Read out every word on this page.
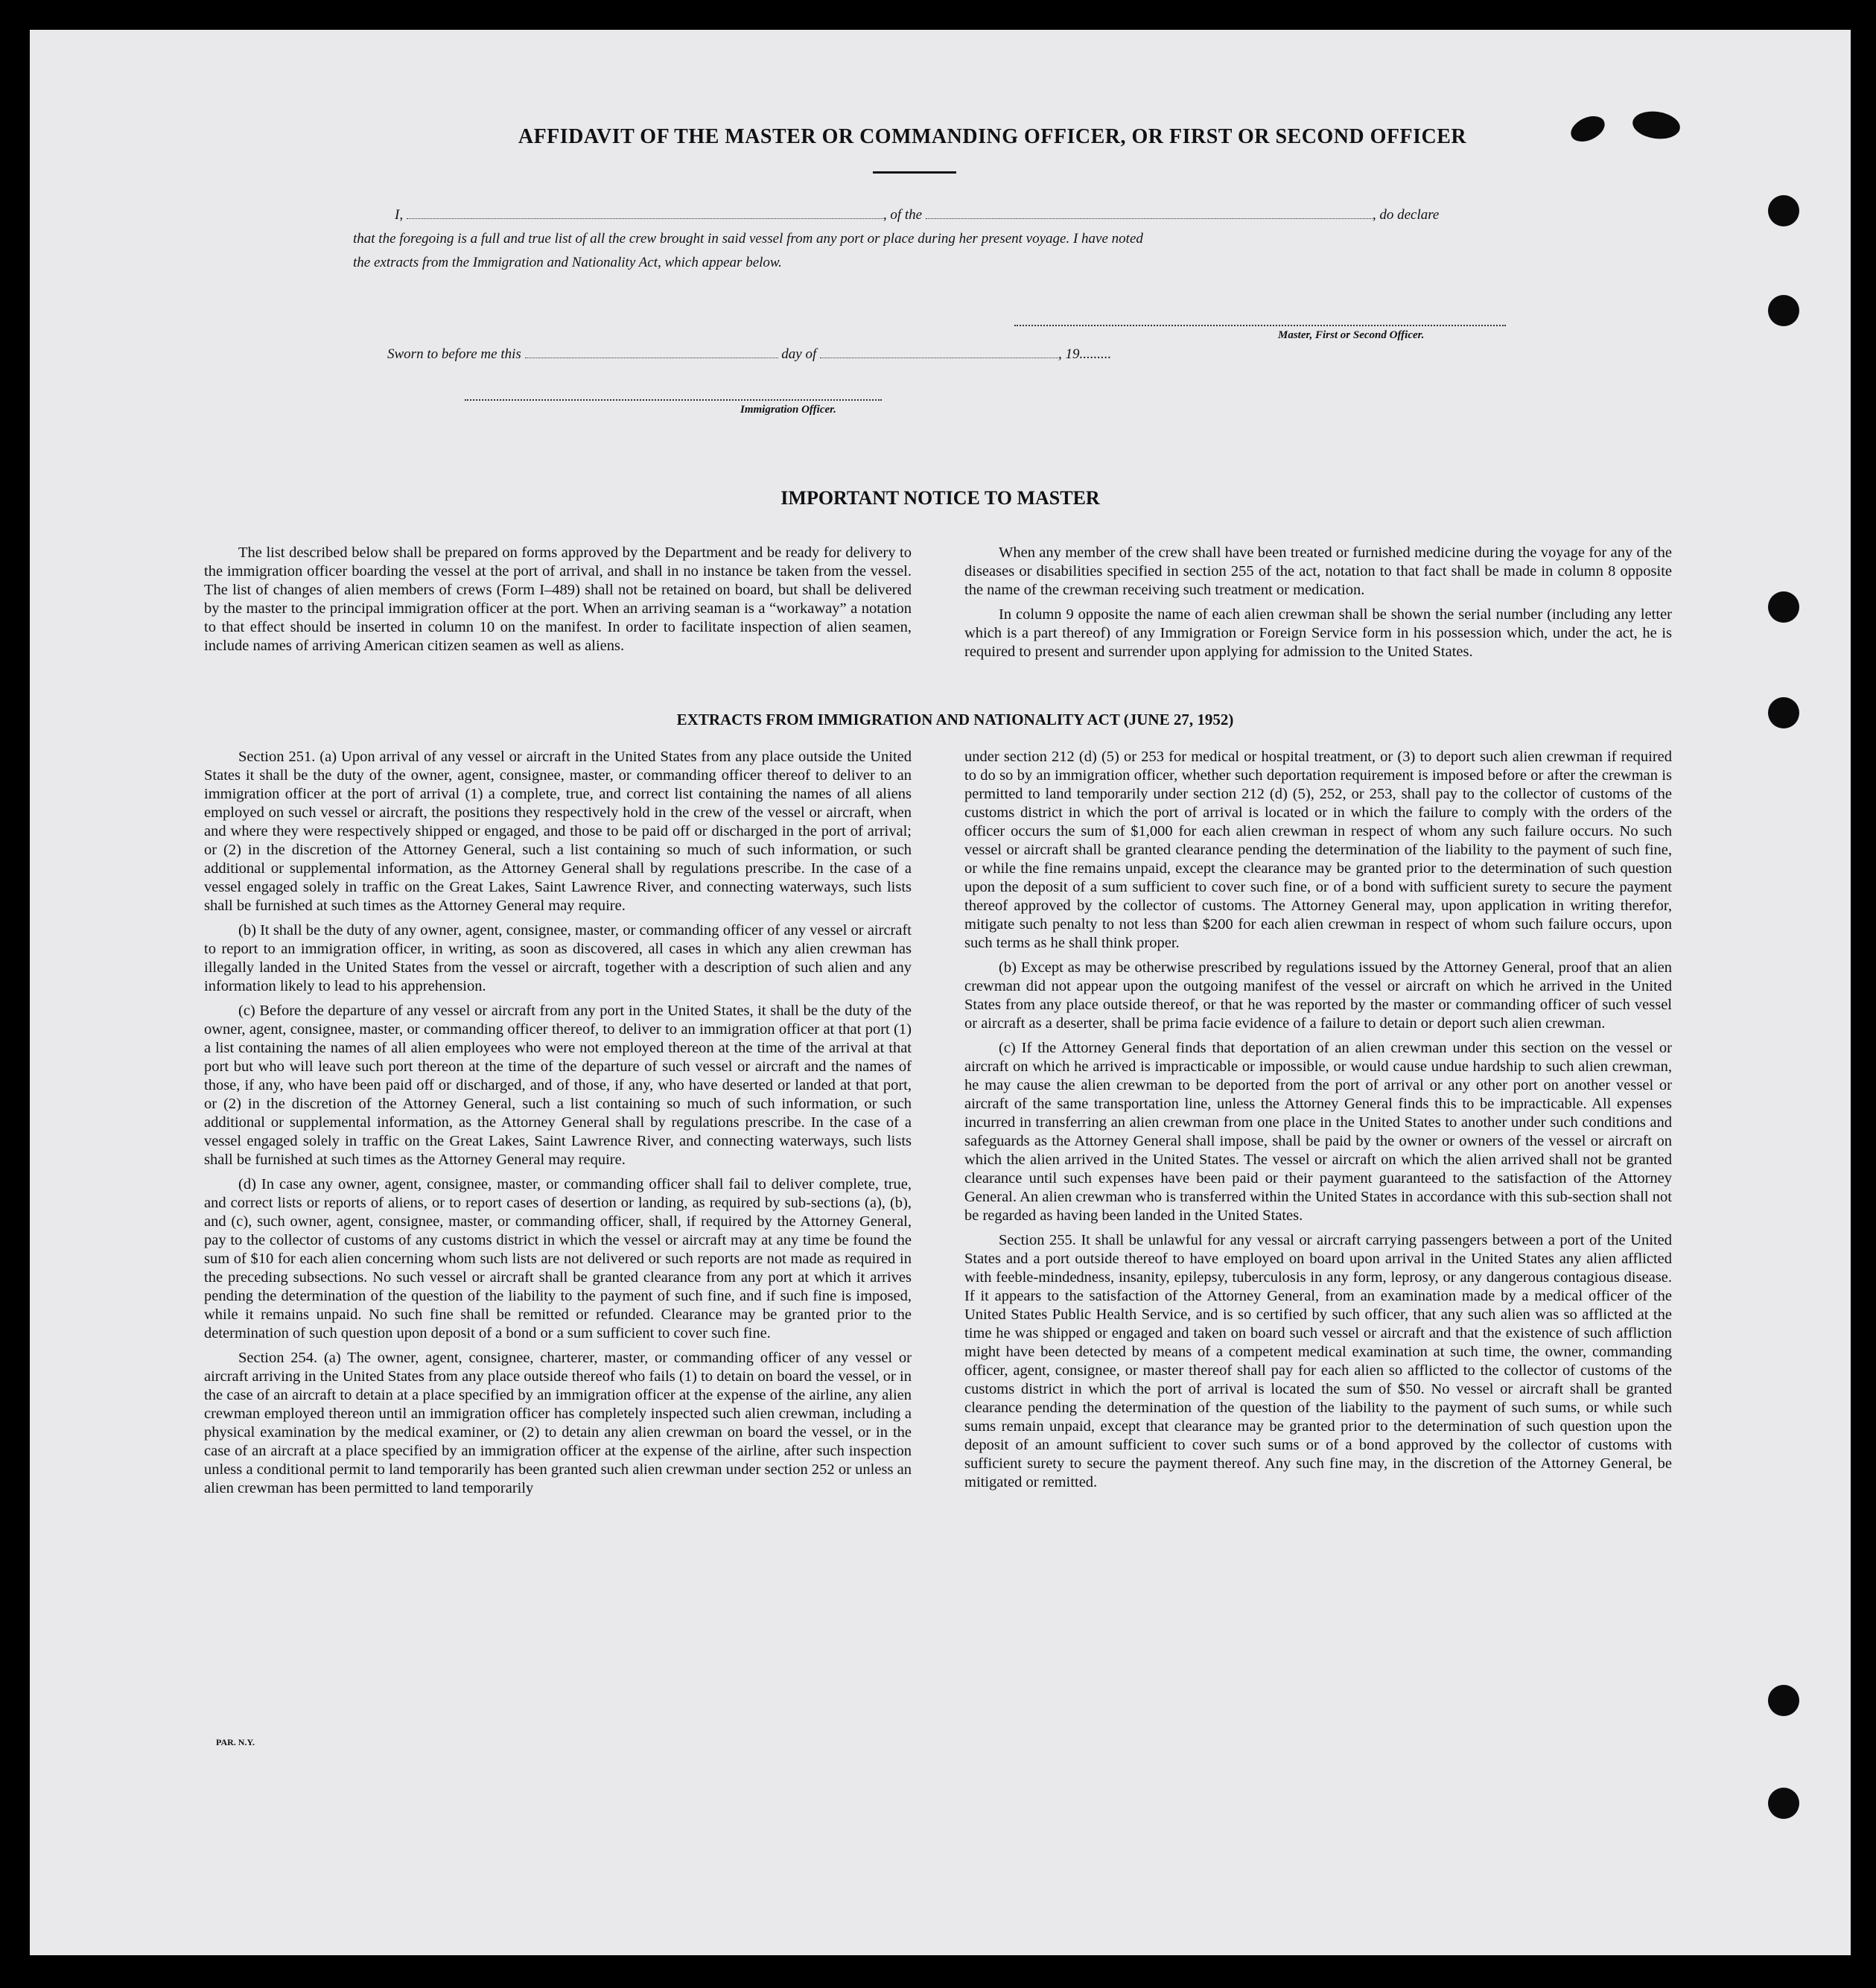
AFFIDAVIT OF THE MASTER OR COMMANDING OFFICER, OR FIRST OR SECOND OFFICER
I,	, of the	, do declare
that the foregoing is a full and true list of all the crew brought in said vessel from any port or place during her present voyage. I have noted
the extracts from the Immigration and Nationality Act, which appear below.
Master, First or Second Officer.
Sworn to before me this	day of	, 19.........
Immigration Officer.
IMPORTANT NOTICE TO MASTER

The list described below shall be prepared on forms approved by the Department and be ready for delivery to the immigration officer boarding the vessel at the port of arrival, and shall in no instance be taken from the vessel. The list of changes of alien members of crews (Form I–489) shall not be retained on board, but shall be delivered by the master to the principal immigration officer at the port. When an arriving seaman is a “workaway” a notation to that effect should be inserted in column 10 on the manifest. In order to facilitate inspection of alien seamen, include names of arriving American citizen seamen as well as aliens.

When any member of the crew shall have been treated or furnished medicine during the voyage for any of the diseases or disabilities specified in section 255 of the act, notation to that fact shall be made in column 8 opposite the name of the crewman receiving such treatment or medication.

In column 9 opposite the name of each alien crewman shall be shown the serial number (including any letter which is a part thereof) of any Immigration or Foreign Service form in his possession which, under the act, he is required to present and surrender upon applying for admission to the United States.

EXTRACTS FROM IMMIGRATION AND NATIONALITY ACT (JUNE 27, 1952)

Section 251. (a) Upon arrival of any vessel or aircraft in the United States from any place outside the United States it shall be the duty of the owner, agent, consignee, master, or commanding officer thereof to deliver to an immigration officer at the port of arrival (1) a complete, true, and correct list containing the names of all aliens employed on such vessel or aircraft, the positions they respectively hold in the crew of the vessel or aircraft, when and where they were respectively shipped or engaged, and those to be paid off or discharged in the port of arrival; or (2) in the discretion of the Attorney General, such a list containing so much of such information, or such additional or supplemental information, as the Attorney General shall by regulations prescribe. In the case of a vessel engaged solely in traffic on the Great Lakes, Saint Lawrence River, and connecting waterways, such lists shall be furnished at such times as the Attorney General may require.

(b) It shall be the duty of any owner, agent, consignee, master, or commanding officer of any vessel or aircraft to report to an immigration officer, in writing, as soon as discovered, all cases in which any alien crewman has illegally landed in the United States from the vessel or aircraft, together with a description of such alien and any information likely to lead to his apprehension.

(c) Before the departure of any vessel or aircraft from any port in the United States, it shall be the duty of the owner, agent, consignee, master, or commanding officer thereof, to deliver to an immigration officer at that port (1) a list containing the names of all alien employees who were not employed thereon at the time of the arrival at that port but who will leave such port thereon at the time of the departure of such vessel or aircraft and the names of those, if any, who have been paid off or discharged, and of those, if any, who have deserted or landed at that port, or (2) in the discretion of the Attorney General, such a list containing so much of such information, or such additional or supplemental information, as the Attorney General shall by regulations prescribe. In the case of a vessel engaged solely in traffic on the Great Lakes, Saint Lawrence River, and connecting waterways, such lists shall be furnished at such times as the Attorney General may require.

(d) In case any owner, agent, consignee, master, or commanding officer shall fail to deliver complete, true, and correct lists or reports of aliens, or to report cases of desertion or landing, as required by sub-sections (a), (b), and (c), such owner, agent, consignee, master, or commanding officer, shall, if required by the Attorney General, pay to the collector of customs of any customs district in which the vessel or aircraft may at any time be found the sum of $10 for each alien concerning whom such lists are not delivered or such reports are not made as required in the preceding subsections. No such vessel or aircraft shall be granted clearance from any port at which it arrives pending the determination of the question of the liability to the payment of such fine, and if such fine is imposed, while it remains unpaid. No such fine shall be remitted or refunded. Clearance may be granted prior to the determination of such question upon deposit of a bond or a sum sufficient to cover such fine.

Section 254. (a) The owner, agent, consignee, charterer, master, or commanding officer of any vessel or aircraft arriving in the United States from any place outside thereof who fails (1) to detain on board the vessel, or in the case of an aircraft to detain at a place specified by an immigration officer at the expense of the airline, any alien crewman employed thereon until an immigration officer has completely inspected such alien crewman, including a physical examination by the medical examiner, or (2) to detain any alien crewman on board the vessel, or in the case of an aircraft at a place specified by an immigration officer at the expense of the airline, after such inspection unless a conditional permit to land temporarily has been granted such alien crewman under section 252 or unless an alien crewman has been permitted to land temporarily

under section 212 (d) (5) or 253 for medical or hospital treatment, or (3) to deport such alien crewman if required to do so by an immigration officer, whether such deportation requirement is imposed before or after the crewman is permitted to land temporarily under section 212 (d) (5), 252, or 253, shall pay to the collector of customs of the customs district in which the port of arrival is located or in which the failure to comply with the orders of the officer occurs the sum of $1,000 for each alien crewman in respect of whom any such failure occurs. No such vessel or aircraft shall be granted clearance pending the determination of the liability to the payment of such fine, or while the fine remains unpaid, except the clearance may be granted prior to the determination of such question upon the deposit of a sum sufficient to cover such fine, or of a bond with sufficient surety to secure the payment thereof approved by the collector of customs. The Attorney General may, upon application in writing therefor, mitigate such penalty to not less than $200 for each alien crewman in respect of whom such failure occurs, upon such terms as he shall think proper.

(b) Except as may be otherwise prescribed by regulations issued by the Attorney General, proof that an alien crewman did not appear upon the outgoing manifest of the vessel or aircraft on which he arrived in the United States from any place outside thereof, or that he was reported by the master or commanding officer of such vessel or aircraft as a deserter, shall be prima facie evidence of a failure to detain or deport such alien crewman.

(c) If the Attorney General finds that deportation of an alien crewman under this section on the vessel or aircraft on which he arrived is impracticable or impossible, or would cause undue hardship to such alien crewman, he may cause the alien crewman to be deported from the port of arrival or any other port on another vessel or aircraft of the same transportation line, unless the Attorney General finds this to be impracticable. All expenses incurred in transferring an alien crewman from one place in the United States to another under such conditions and safeguards as the Attorney General shall impose, shall be paid by the owner or owners of the vessel or aircraft on which the alien arrived in the United States. The vessel or aircraft on which the alien arrived shall not be granted clearance until such expenses have been paid or their payment guaranteed to the satisfaction of the Attorney General. An alien crewman who is transferred within the United States in accordance with this sub-section shall not be regarded as having been landed in the United States.

Section 255. It shall be unlawful for any vessal or aircraft carrying passengers between a port of the United States and a port outside thereof to have employed on board upon arrival in the United States any alien afflicted with feeble-mindedness, insanity, epilepsy, tuberculosis in any form, leprosy, or any dangerous contagious disease. If it appears to the satisfaction of the Attorney General, from an examination made by a medical officer of the United States Public Health Service, and is so certified by such officer, that any such alien was so afflicted at the time he was shipped or engaged and taken on board such vessel or aircraft and that the existence of such affliction might have been detected by means of a competent medical examination at such time, the owner, commanding officer, agent, consignee, or master thereof shall pay for each alien so afflicted to the collector of customs of the customs district in which the port of arrival is located the sum of $50. No vessel or aircraft shall be granted clearance pending the determination of the question of the liability to the payment of such sums, or while such sums remain unpaid, except that clearance may be granted prior to the determination of such question upon the deposit of an amount sufficient to cover such sums or of a bond approved by the collector of customs with sufficient surety to secure the payment thereof. Any such fine may, in the discretion of the Attorney General, be mitigated or remitted.

PAR. N.Y.
